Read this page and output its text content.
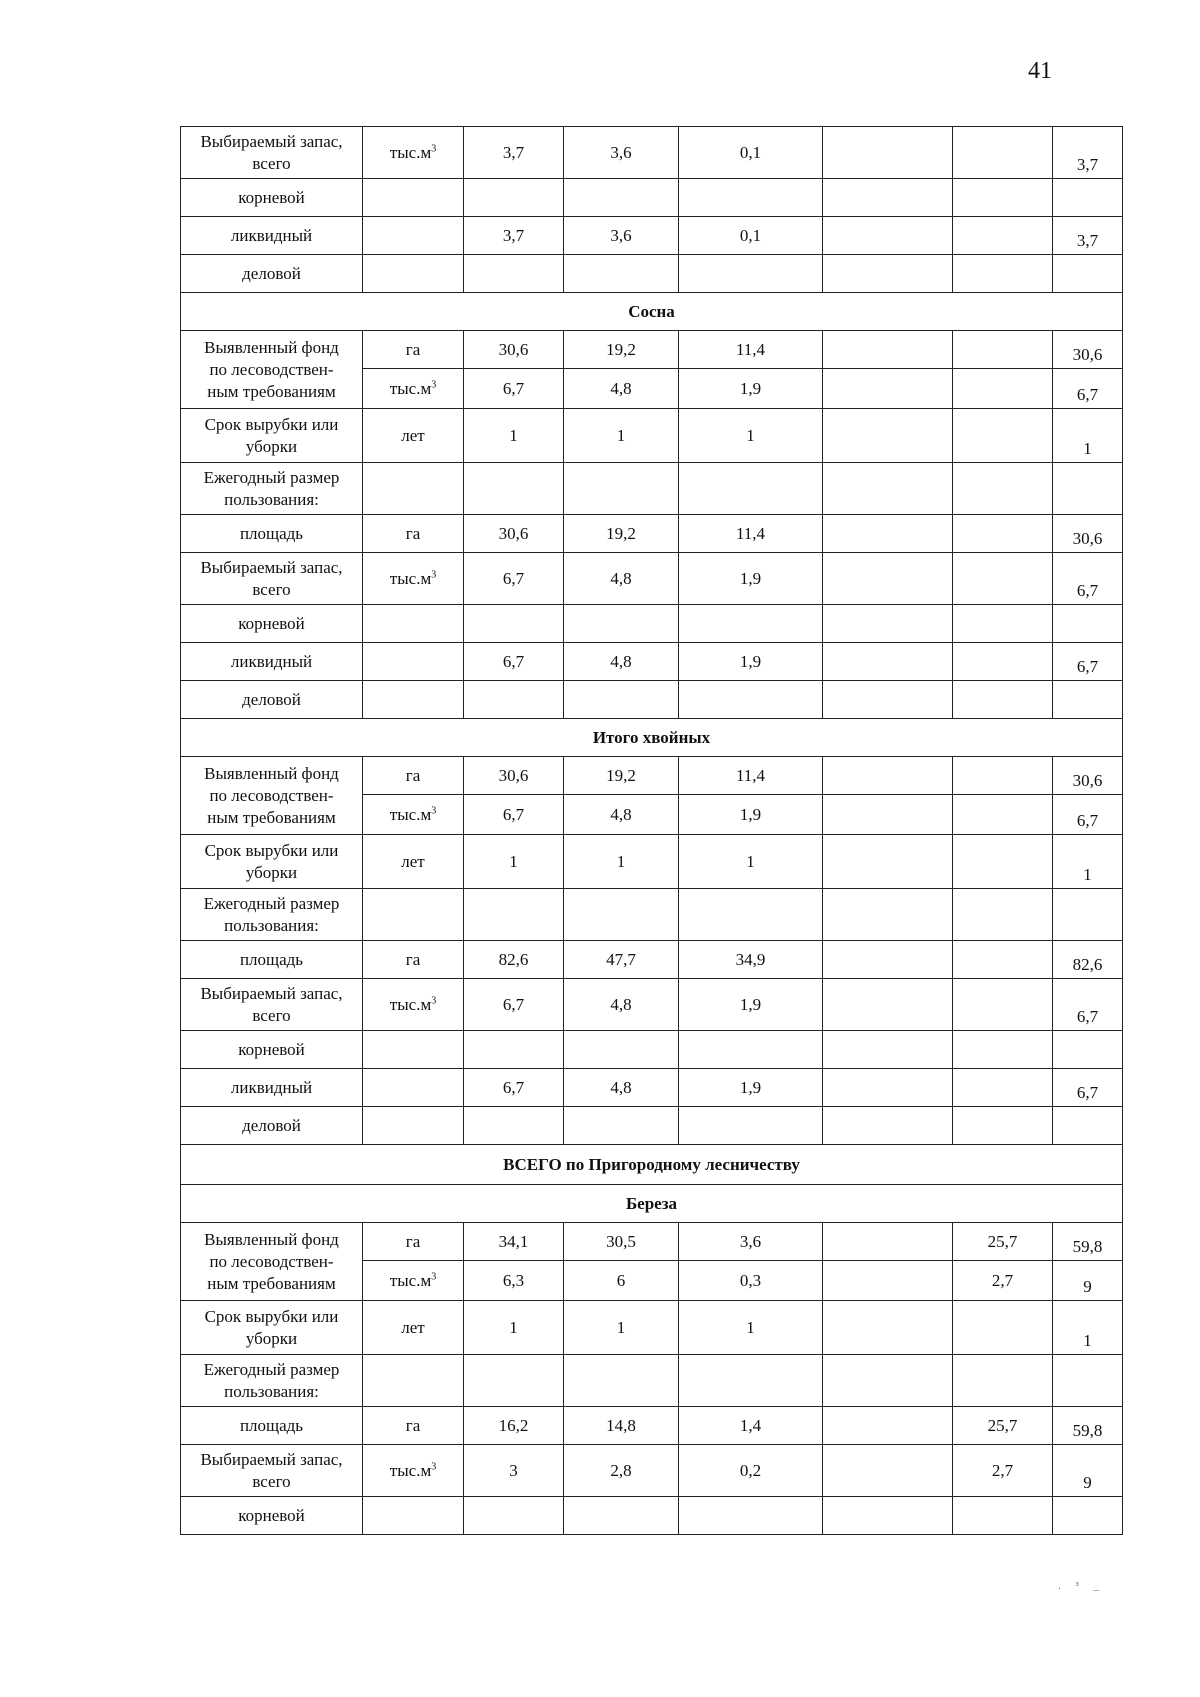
41
Выбираемый запас,
всего	$тыс.м^3$	3,7	3,6	0,1			3,7
корневой							
ликвидный		3,7	3,6	0,1			3,7
деловой							
Сосна							
Выявленный фонд
по лесоводствен-
ным требованиям	га	30,6	19,2	11,4			30,6
	$тыс.м^3$	6,7	4,8	1,9			6,7
Срок вырубки или
уборки	лет	1	1	1			1
Ежегодный размер
пользования:							
площадь	га	30,6	19,2	11,4			30,6
Выбираемый запас,
всего	$тыс.м^3$	6,7	4,8	1,9			6,7
корневой							
ликвидный		6,7	4,8	1,9			6,7
деловой							
Итого хвойных							
Выявленный фонд
по лесоводствен-
ным требованиям	га	30,6	19,2	11,4			30,6
	$тыс.м^3$	6,7	4,8	1,9			6,7
Срок вырубки или
уборки	лет	1	1	1			1
Ежегодный размер
пользования:							
площадь	га	82,6	47,7	34,9			82,6
Выбираемый запас,
всего	$тыс.м^3$	6,7	4,8	1,9			6,7
корневой							
ликвидный		6,7	4,8	1,9			6,7
деловой							
ВСЕГО по Пригородному лесничеству							
Береза							
Выявленный фонд
по лесоводствен-
ным требованиям	га	34,1	30,5	3,6		25,7	59,8
	$тыс.м^3$	6,3	6	0,3		2,7	9
Срок вырубки или
уборки	лет	1	1	1			1
Ежегодный размер
пользования:							
площадь	га	16,2	14,8	1,4		25,7	59,8
Выбираемый запас,
всего	$тыс.м^3$	3	2,8	0,2		2,7	9
корневой							
. ³ _
